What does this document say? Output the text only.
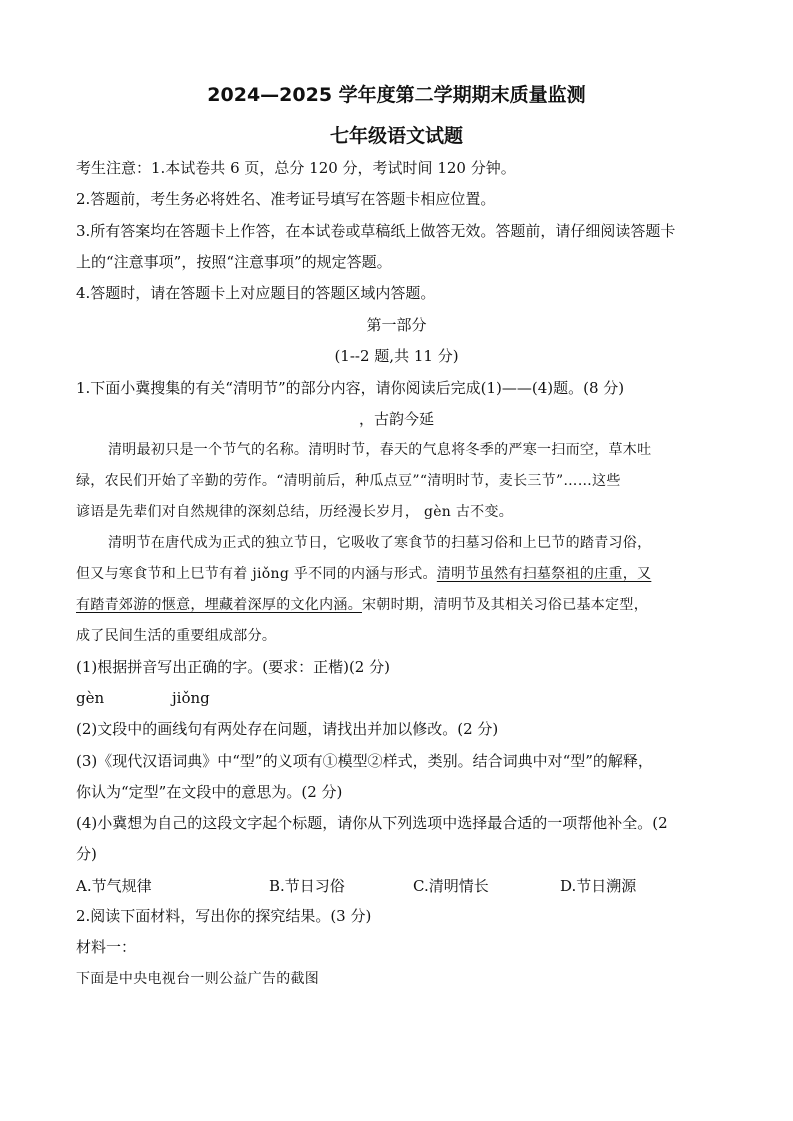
2024—2025 学年度第二学期期末质量监测
七年级语文试题
考生注意：1.本试卷共 6 页，总分 120 分，考试时间 120 分钟。
2.答题前，考生务必将姓名、准考证号填写在答题卡相应位置。
3.所有答案均在答题卡上作答，在本试卷或草稿纸上做答无效。答题前，请仔细阅读答题卡
上的“注意事项”，按照“注意事项”的规定答题。
4.答题时，请在答题卡上对应题目的答题区域内答题。
第一部分
(1--2 题,共 11 分)
1.下面小冀搜集的有关“清明节”的部分内容，请你阅读后完成(1)——(4)题。(8 分)
，古韵今延
清明最初只是一个节气的名称。清明时节，春天的气息将冬季的严寒一扫而空，草木吐
绿，农民们开始了辛勤的劳作。“清明前后，种瓜点豆”“清明时节，麦长三节”……这些
谚语是先辈们对自然规律的深刻总结，历经漫长岁月， gèn 古不变。
清明节在唐代成为正式的独立节日，它吸收了寒食节的扫墓习俗和上巳节的踏青习俗，
但又与寒食节和上巳节有着 jiǒng 乎不同的内涵与形式。清明节虽然有扫墓祭祖的庄重，又
有踏青郊游的惬意，埋藏着深厚的文化内涵。宋朝时期，清明节及其相关习俗已基本定型，
成了民间生活的重要组成部分。
(1)根据拼音写出正确的字。(要求：正楷)(2 分)
gèn	jiǒng
(2)文段中的画线句有两处存在问题，请找出并加以修改。(2 分)
(3)《现代汉语词典》中“型”的义项有①模型②样式，类别。结合词典中对“型”的解释，
你认为“定型”在文段中的意思为。(2 分)
(4)小冀想为自己的这段文字起个标题，请你从下列选项中选择最合适的一项帮他补全。(2
分)
A.节气规律	B.节日习俗	C.清明情长	D.节日溯源
2.阅读下面材料，写出你的探究结果。(3 分)
材料一：
下面是中央电视台一则公益广告的截图
